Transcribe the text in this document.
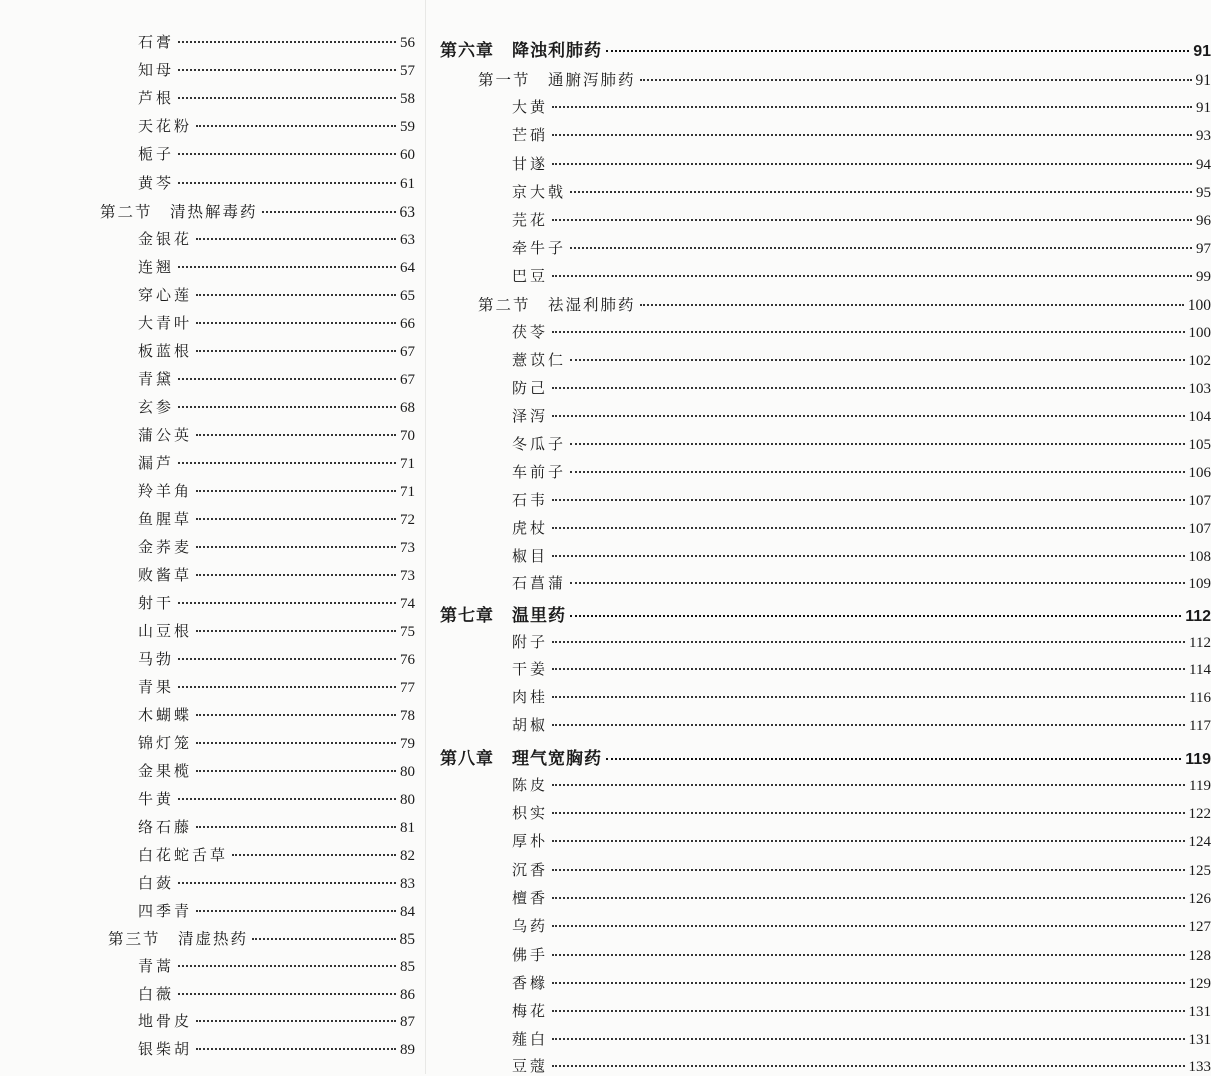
石膏	56
知母	57
芦根	58
天花粉	59
栀子	60
黄芩	61
第二节　清热解毒药	63
金银花	63
连翘	64
穿心莲	65
大青叶	66
板蓝根	67
青黛	67
玄参	68
蒲公英	70
漏芦	71
羚羊角	71
鱼腥草	72
金荞麦	73
败酱草	73
射干	74
山豆根	75
马勃	76
青果	77
木蝴蝶	78
锦灯笼	79
金果榄	80
牛黄	80
络石藤	81
白花蛇舌草	82
白蔹	83
四季青	84
第三节　清虚热药	85
青蒿	85
白薇	86
地骨皮	87
银柴胡	89
第六章　降浊利肺药	91
第一节　通腑泻肺药	91
大黄	91
芒硝	93
甘遂	94
京大戟	95
芫花	96
牵牛子	97
巴豆	99
第二节　祛湿利肺药	100
茯苓	100
薏苡仁	102
防己	103
泽泻	104
冬瓜子	105
车前子	106
石韦	107
虎杖	107
椒目	108
石菖蒲	109
第七章　温里药	112
附子	112
干姜	114
肉桂	116
胡椒	117
第八章　理气宽胸药	119
陈皮	119
枳实	122
厚朴	124
沉香	125
檀香	126
乌药	127
佛手	128
香橼	129
梅花	131
薤白	131
豆蔻	133
